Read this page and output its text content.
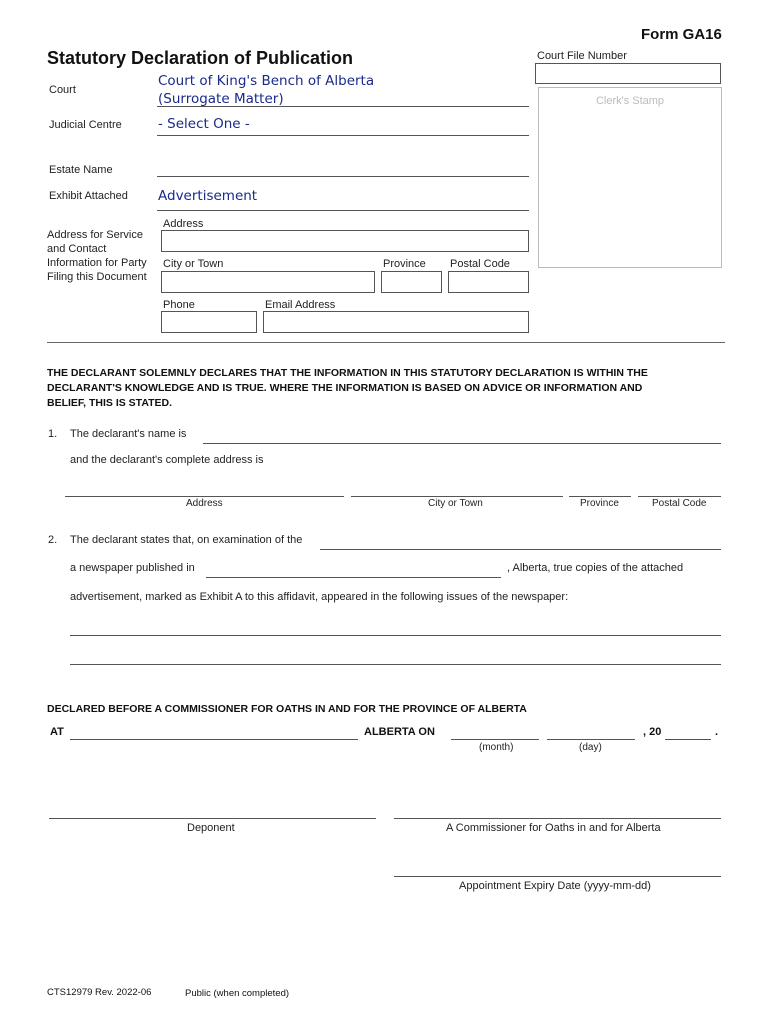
Form GA16
Statutory Declaration of Publication	Court File Number
Clerk's Stamp
Court
Court of King's Bench of Alberta
(Surrogate Matter)
Judicial Centre	- Select One -
Estate Name
Exhibit Attached Advertisement
Address for Service
and Contact
Information for Party
Filing this Document
Address
City or Town	Province Postal Code
Phone	Email Address
THE DECLARANT SOLEMNLY DECLARES THAT THE INFORMATION IN THIS STATUTORY DECLARATION IS WITHIN THE
DECLARANT'S KNOWLEDGE AND IS TRUE. WHERE THE INFORMATION IS BASED ON ADVICE OR INFORMATION AND
BELIEF, THIS IS STATED.
1. The declarant's name is
and the declarant's complete address is
Address	City or Town	Province	Postal Code
2. The declarant states that, on examination of the
a newspaper published in	, Alberta, true copies of the attached
advertisement, marked as Exhibit A to this affidavit, appeared in the following issues of the newspaper:
DECLARED BEFORE A COMMISSIONER FOR OATHS IN AND FOR THE PROVINCE OF ALBERTA
AT	ALBERTA ON	, 20	.
(month)	(day)
Deponent	A Commissioner for Oaths in and for Alberta
Appointment Expiry Date (yyyy-mm-dd)
CTS12979 Rev. 2022-06	Public (when completed)
